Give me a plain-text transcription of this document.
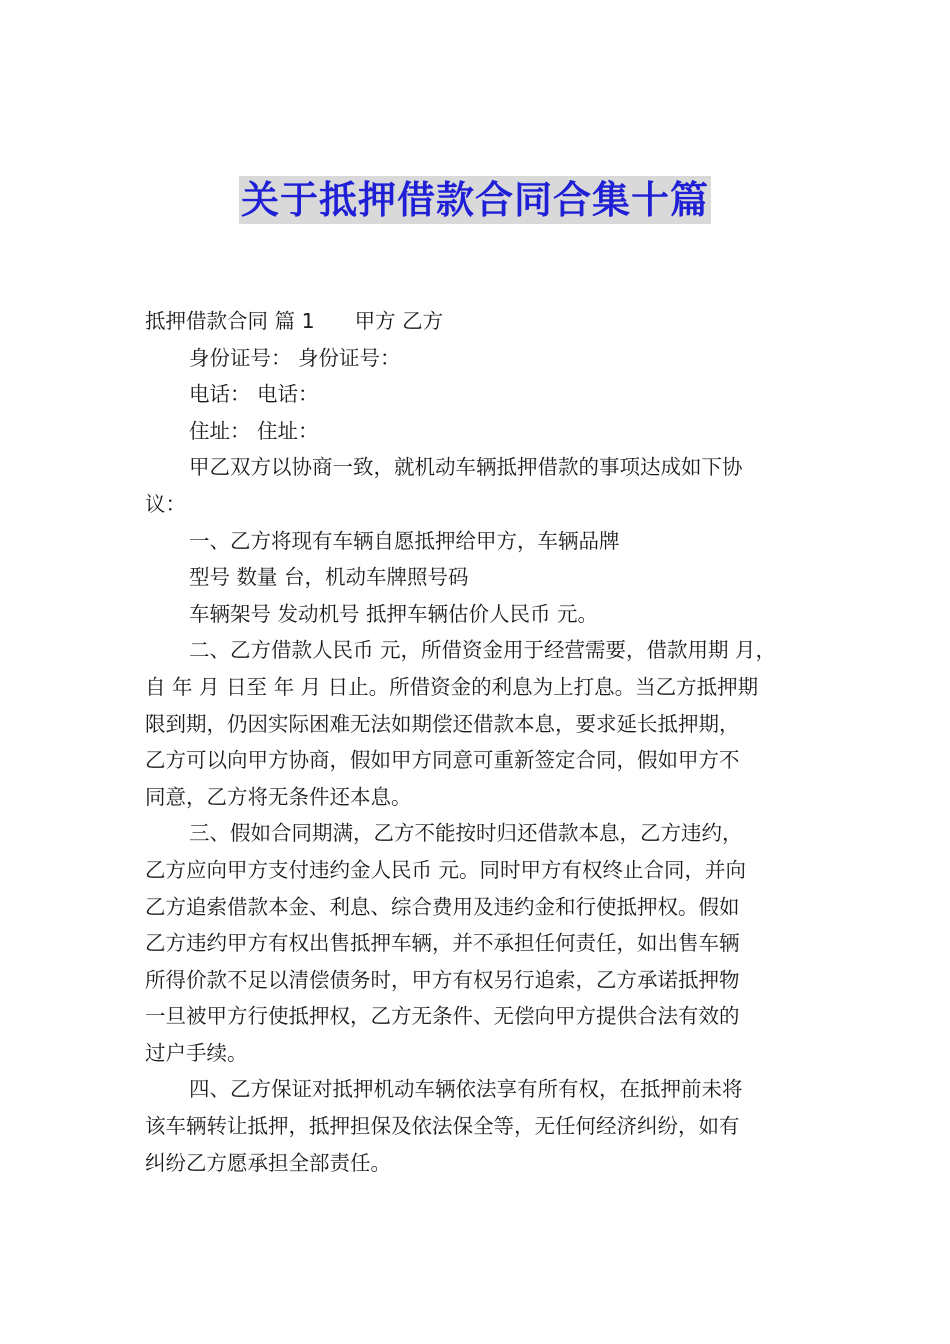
关于抵押借款合同合集十篇
抵押借款合同 篇 1 甲方 乙方
身份证号： 身份证号：
电话： 电话：
住址： 住址：
甲乙双方以协商一致，就机动车辆抵押借款的事项达成如下协
议：
一、乙方将现有车辆自愿抵押给甲方，车辆品牌
型号 数量 台，机动车牌照号码
车辆架号 发动机号 抵押车辆估价人民币 元。
二、乙方借款人民币 元，所借资金用于经营需要，借款用期 月，
自 年 月 日至 年 月 日止。所借资金的利息为上打息。当乙方抵押期
限到期，仍因实际困难无法如期偿还借款本息，要求延长抵押期，
乙方可以向甲方协商，假如甲方同意可重新签定合同，假如甲方不
同意，乙方将无条件还本息。
三、假如合同期满，乙方不能按时归还借款本息，乙方违约，
乙方应向甲方支付违约金人民币 元。同时甲方有权终止合同，并向
乙方追索借款本金、利息、综合费用及违约金和行使抵押权。假如
乙方违约甲方有权出售抵押车辆，并不承担任何责任，如出售车辆
所得价款不足以清偿债务时，甲方有权另行追索，乙方承诺抵押物
一旦被甲方行使抵押权，乙方无条件、无偿向甲方提供合法有效的
过户手续。
四、乙方保证对抵押机动车辆依法享有所有权，在抵押前未将
该车辆转让抵押，抵押担保及依法保全等，无任何经济纠纷，如有
纠纷乙方愿承担全部责任。
